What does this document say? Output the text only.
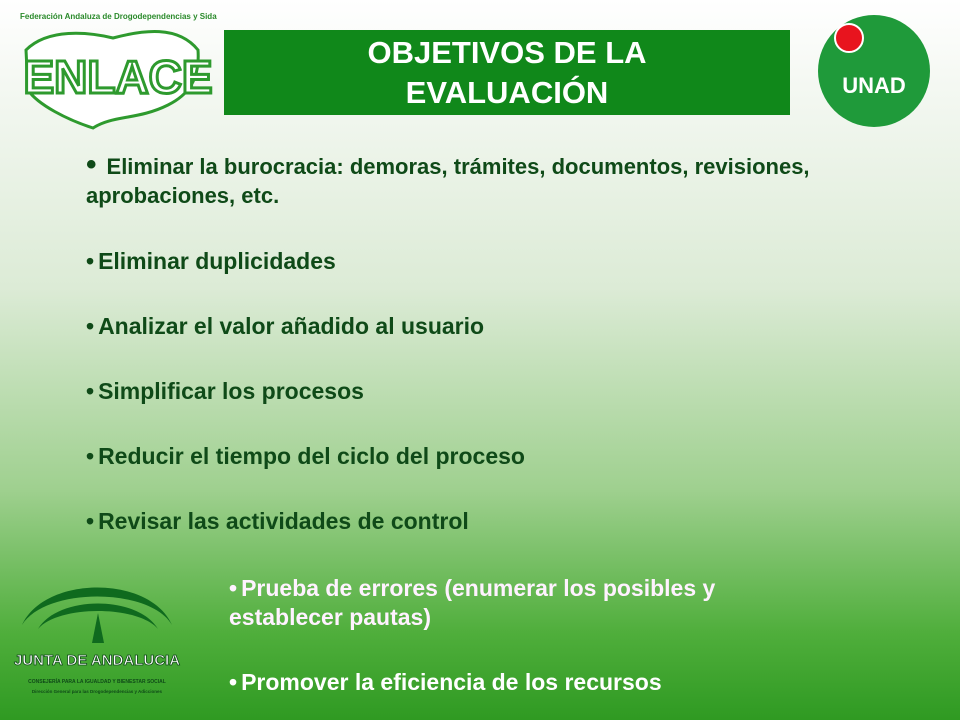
Federación Andaluza de Drogodependencias y Sida
ENLACE	OBJETIVOS DE LA
EVALUACIÓN	UNAD
• Eliminar la burocracia: demoras, trámites, documentos, revisiones, aprobaciones, etc.
• Eliminar duplicidades
• Analizar el valor añadido al usuario
• Simplificar los procesos
• Reducir el tiempo del ciclo del proceso
• Revisar las actividades de control
• Prueba de errores (enumerar los posibles y establecer pautas)
• Promover la eficiencia de los recursos
JUNTA DE ANDALUCIA
CONSEJERÍA PARA LA IGUALDAD Y BIENESTAR SOCIAL
Dirección General para las Drogodependencias y Adicciones
